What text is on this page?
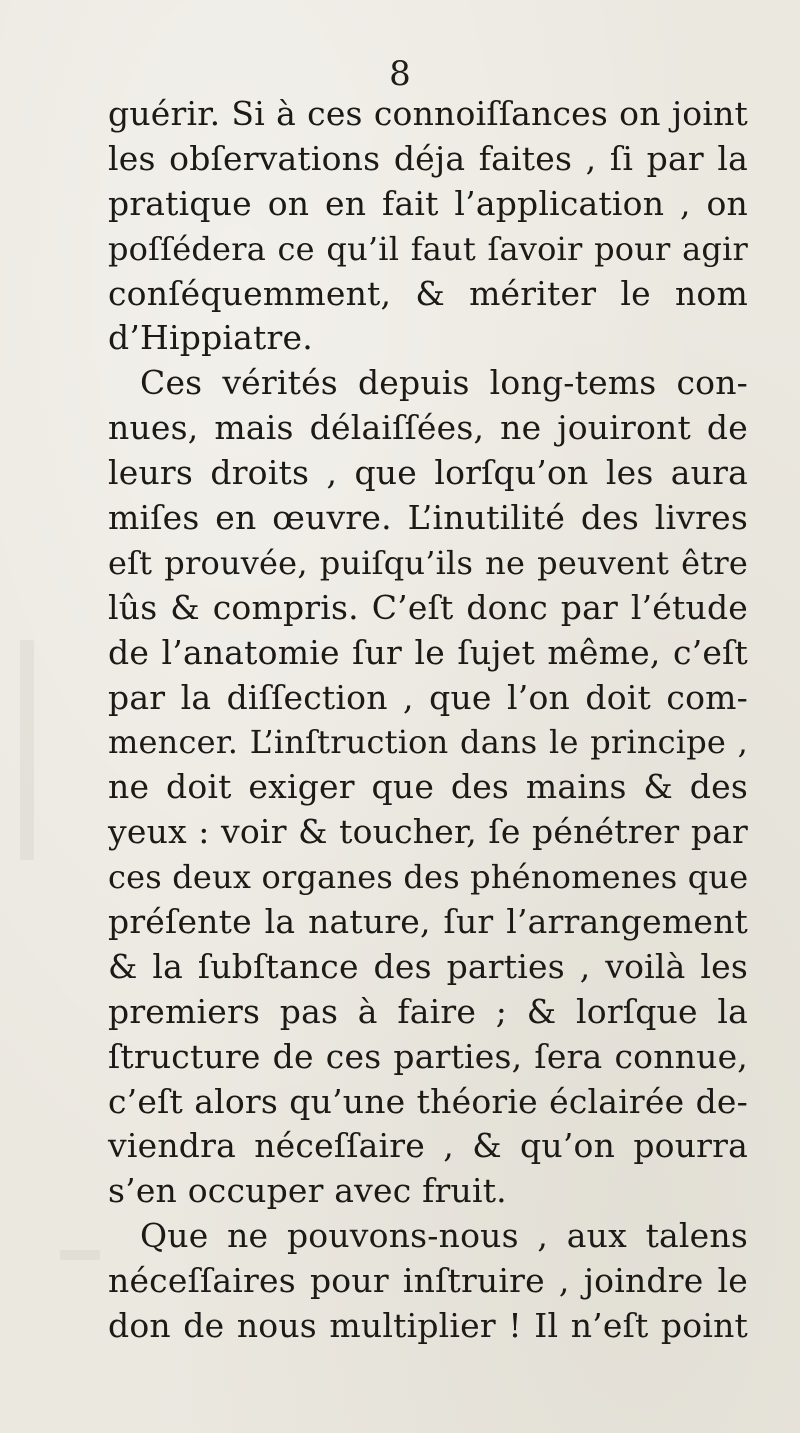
8
guérir. Si à ces connoiſſances on joint
les obſervations déja faites , ſi par la
pratique on en fait l’application , on
poſſédera ce qu’il faut ſavoir pour agir
conſéquemment, & mériter le nom
d’Hippiatre.
Ces vérités depuis long-tems con-
nues, mais délaiſſées, ne jouiront de
leurs droits , que lorſqu’on les aura
miſes en œuvre. L’inutilité des livres
eſt prouvée, puiſqu’ils ne peuvent être
lûs & compris. C’eſt donc par l’étude
de l’anatomie ſur le ſujet même, c’eſt
par la diſſection , que l’on doit com-
mencer. L’inſtruction dans le principe ,
ne doit exiger que des mains & des
yeux : voir & toucher, ſe pénétrer par
ces deux organes des phénomenes que
préſente la nature, ſur l’arrangement
& la ſubſtance des parties , voilà les
premiers pas à faire ; & lorſque la
ſtructure de ces parties, ſera connue,
c’eſt alors qu’une théorie éclairée de-
viendra néceſſaire , & qu’on pourra
s’en occuper avec fruit.
Que ne pouvons-nous , aux talens
néceſſaires pour inſtruire , joindre le
don de nous multiplier ! Il n’eſt point
